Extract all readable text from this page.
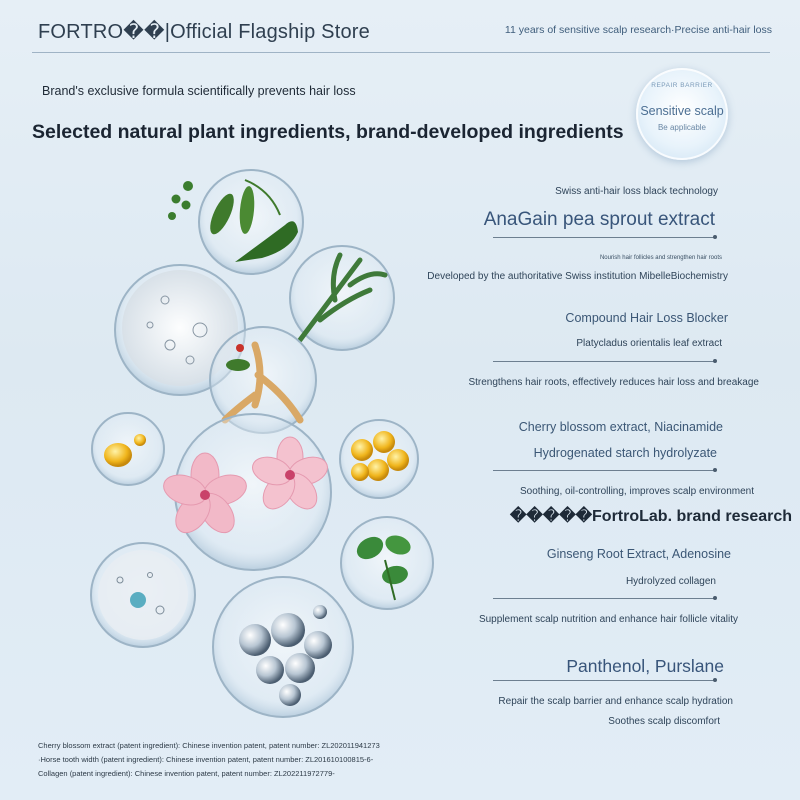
FORTRO��|Official Flagship Store	11 years of sensitive scalp research·Precise anti-hair loss
Brand's exclusive formula scientifically prevents hair loss
Selected natural plant ingredients, brand-developed ingredients
REPAIR BARRIER
Sensitive scalp
Be applicable
Swiss anti-hair loss black technology
AnaGain pea sprout extract
Nourish hair follicles and strengthen hair roots
Developed by the authoritative Swiss institution MibelleBiochemistry
Compound Hair Loss Blocker
Platycladus orientalis leaf extract
Strengthens hair roots, effectively reduces hair loss and breakage
Cherry blossom extract, Niacinamide
Hydrogenated starch hydrolyzate
Soothing, oil-controlling, improves scalp environment
�����FortroLab. brand research
Ginseng Root Extract, Adenosine
Hydrolyzed collagen
Supplement scalp nutrition and enhance hair follicle vitality
Panthenol, Purslane
Repair the scalp barrier and enhance scalp hydration
Soothes scalp discomfort
Cherry blossom extract (patent ingredient): Chinese invention patent, patent number: ZL202011941273
·Horse tooth width (patent ingredient): Chinese invention patent, patent number: ZL201610100815-6-
Collagen (patent ingredient): Chinese invention patent, patent number: ZL202211972779-
